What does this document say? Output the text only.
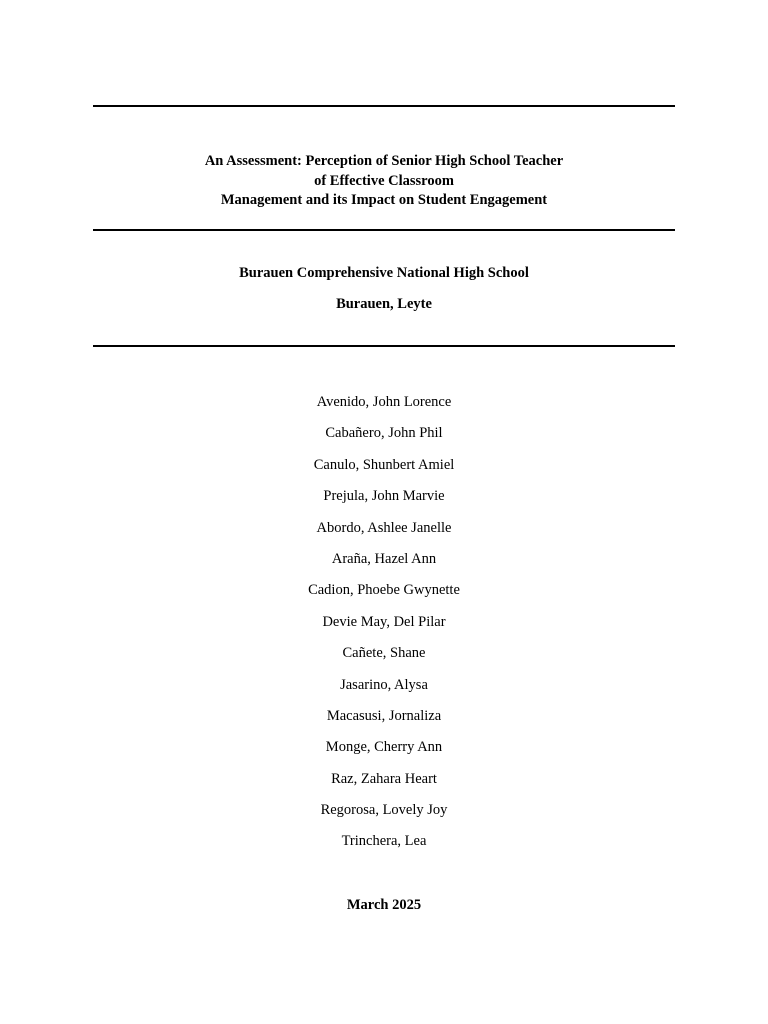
An Assessment: Perception of Senior High School Teacher
of Effective Classroom
Management and its Impact on Student Engagement
Burauen Comprehensive National High School
Burauen, Leyte
Avenido, John Lorence
Cabañero, John Phil
Canulo, Shunbert Amiel
Prejula, John Marvie
Abordo, Ashlee Janelle
Araña, Hazel Ann
Cadion, Phoebe Gwynette
Devie May, Del Pilar
Cañete, Shane
Jasarino, Alysa
Macasusi, Jornaliza
Monge, Cherry Ann
Raz, Zahara Heart
Regorosa, Lovely Joy
Trinchera, Lea
March 2025
